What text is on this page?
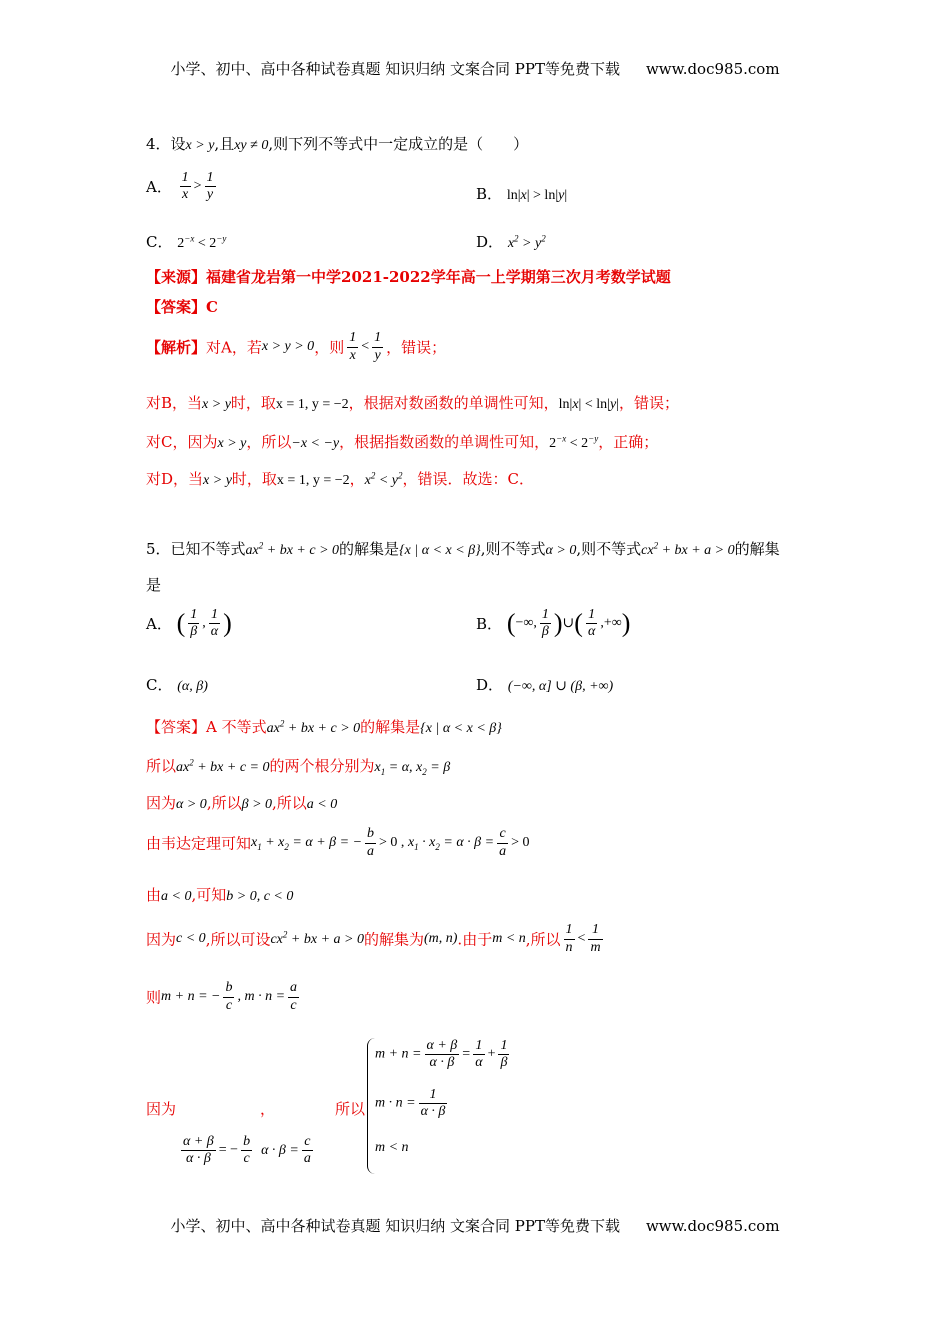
小学、初中、高中各种试卷真题 知识归纳 文案合同 PPT等免费下载 www.doc985.com
4．设x > y,且xy ≠ 0,则下列不等式中一定成立的是（　　）
A． $\frac{1}{x} > \frac{1}{y}$	B． ln|x| > ln|y|
C． $2^{-x} < 2^{-y}$	D． $x^2 > y^2$
【来源】福建省龙岩第一中学2021-2022学年高一上学期第三次月考数学试题
【答案】C
【解析】对A，若x > y > 0，则 $\frac{1}{x} < \frac{1}{y}$ ，错误；
对B，当x > y时，取x = 1, y = −2，根据对数函数的单调性可知，ln|x| < ln|y|，错误；
对C，因为x > y，所以−x < −y，根据指数函数的单调性可知，$2^{-x} < 2^{-y}$，正确；
对D，当x > y时，取x = 1, y = −2，$x^2 < y^2$，错误．故选：C．
5．已知不等式$ax^2$ + bx + c > 0的解集是{x | α < x < β},则不等式α > 0,则不等式$cx^2$ + bx + a > 0的解集
是
A． ( $\frac{1}{\beta}$ , $\frac{1}{\alpha}$ )	B． (−∞, $\frac{1}{\beta}$ )∪( $\frac{1}{\alpha}$ ,+∞)
C． (α, β)	D． (−∞, α] ∪ (β, +∞)
【答案】A 不等式$ax^2$ + bx + c > 0的解集是{x | α < x < β}
所以$ax^2$ + bx + c = 0的两个根分别为$x_1 = \alpha$, $x_2 = \beta$
因为α > 0,所以β > 0,所以a < 0
由韦达定理可知$x_1 + x_2 = \alpha + \beta$ = − $\frac{b}{a} > 0$ , $x_1 \cdot x_2 = \alpha \cdot \beta = \frac{c}{a} > 0$
由a < 0,可知b > 0, c < 0
因为c < 0,所以可设$cx^2$ + bx + a > 0的解集为(m, n).由于m < n,所以 $\frac{1}{n} < \frac{1}{m}$
则m + n = − $\frac{b}{c}$ , $m \cdot n = \frac{a}{c}$
$m + n = \frac{\alpha + \beta}{\alpha \cdot \beta} = \frac{1}{\alpha} + \frac{1}{\beta}$
$m \cdot n = \frac{1}{\alpha \cdot \beta}$
m < n
因为	，	所以
$\frac{\alpha + \beta}{\alpha \cdot \beta}$ = − $\frac{b}{c}$ $\alpha \cdot \beta = \frac{c}{a}$
小学、初中、高中各种试卷真题 知识归纳 文案合同 PPT等免费下载 www.doc985.com
